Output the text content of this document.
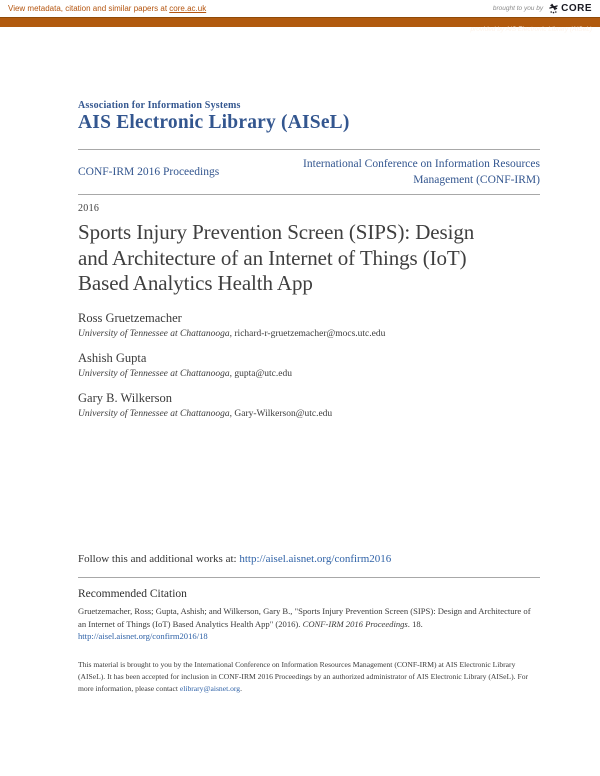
View metadata, citation and similar papers at core.ac.uk	brought to you by CORE
provided by AIS Electronic Library (AISeL)
Association for Information Systems
AIS Electronic Library (AISeL)
CONF-IRM 2016 Proceedings
International Conference on Information Resources Management (CONF-IRM)
2016
Sports Injury Prevention Screen (SIPS): Design
and Architecture of an Internet of Things (IoT)
Based Analytics Health App
Ross Gruetzemacher
University of Tennessee at Chattanooga, richard-r-gruetzemacher@mocs.utc.edu
Ashish Gupta
University of Tennessee at Chattanooga, gupta@utc.edu
Gary B. Wilkerson
University of Tennessee at Chattanooga, Gary-Wilkerson@utc.edu
Follow this and additional works at: http://aisel.aisnet.org/confirm2016
Recommended Citation

Gruetzemacher, Ross; Gupta, Ashish; and Wilkerson, Gary B., "Sports Injury Prevention Screen (SIPS): Design and Architecture of an Internet of Things (IoT) Based Analytics Health App" (2016). CONF-IRM 2016 Proceedings. 18.
http://aisel.aisnet.org/confirm2016/18

This material is brought to you by the International Conference on Information Resources Management (CONF-IRM) at AIS Electronic Library (AISeL). It has been accepted for inclusion in CONF-IRM 2016 Proceedings by an authorized administrator of AIS Electronic Library (AISeL). For more information, please contact elibrary@aisnet.org.
